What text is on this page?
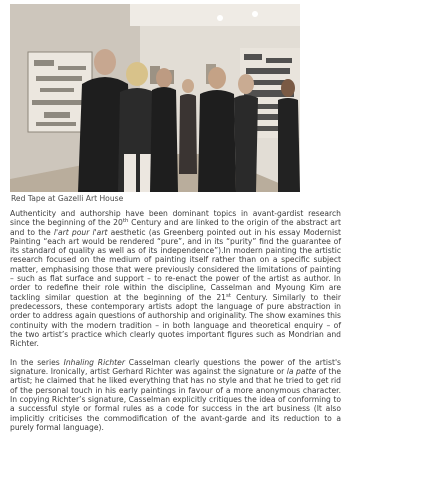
Red Tape at Gazelli Art House

Authenticity and authorship have been dominant topics in avant-gardist research since the beginning of the 20th Century and are linked to the origin of the abstract art and to the l'art pour l'art aesthetic (as Greenberg pointed out in his essay Modernist Painting “each art would be rendered “pure”, and in its “purity” find the guarantee of its standard of quality as well as of its independence”).In modern painting the artistic research focused on the medium of painting itself rather than on a specific subject matter, emphasising those that were previously considered the limitations of painting – such as flat surface and support – to re-enact the power of the artist as author. In order to redefine their role within the discipline, Casselman and Myoung Kim are tackling similar question at the beginning of the 21st Century. Similarly to their predecessors, these contemporary artists adopt the language of pure abstraction in order to address again questions of authorship and originality. The show examines this continuity with the modern tradition – in both language and theoretical enquiry – of the two artist’s practice which clearly quotes important figures such as Mondrian and Richter.

In the series Inhaling Richter Casselman clearly questions the power of the artist's signature. Ironically, artist Gerhard Richter was against the signature or la patte of the artist; he claimed that he liked everything that has no style and that he tried to get rid of the personal touch in his early paintings in favour of a more anonymous character. In copying Richter’s signature, Casselman explicitly critiques the idea of conforming to a successful style or formal rules as a code for success in the art business (It also implicitly criticises the commodification of the avant-garde and its reduction to a purely formal language).
